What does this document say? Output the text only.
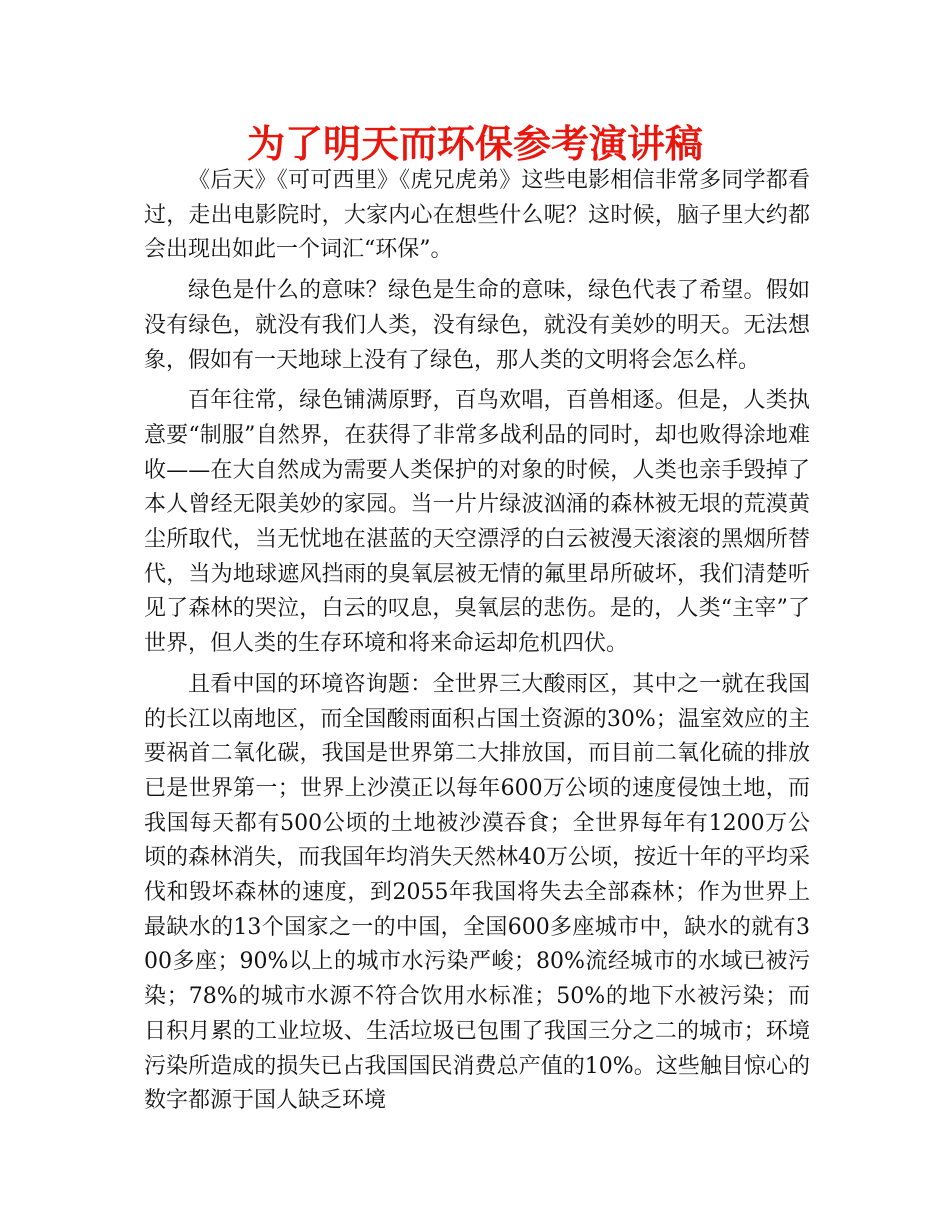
为了明天而环保参考演讲稿

《后天》《可可西里》《虎兄虎弟》这些电影相信非常多同学都看过，走出电影院时，大家内心在想些什么呢？这时候，脑子里大约都会出现出如此一个词汇“环保”。

绿色是什么的意味？绿色是生命的意味，绿色代表了希望。假如没有绿色，就没有我们人类，没有绿色，就没有美妙的明天。无法想象，假如有一天地球上没有了绿色，那人类的文明将会怎么样。

百年往常，绿色铺满原野，百鸟欢唱，百兽相逐。但是，人类执意要“制服”自然界，在获得了非常多战利品的同时，却也败得涂地难收——在大自然成为需要人类保护的对象的时候，人类也亲手毁掉了本人曾经无限美妙的家园。当一片片绿波汹涌的森林被无垠的荒漠黄尘所取代，当无忧地在湛蓝的天空漂浮的白云被漫天滚滚的黑烟所替代，当为地球遮风挡雨的臭氧层被无情的氟里昂所破坏，我们清楚听见了森林的哭泣，白云的叹息，臭氧层的悲伤。是的，人类“主宰”了世界，但人类的生存环境和将来命运却危机四伏。

且看中国的环境咨询题：全世界三大酸雨区，其中之一就在我国的长江以南地区，而全国酸雨面积占国土资源的30%；温室效应的主要祸首二氧化碳，我国是世界第二大排放国，而目前二氧化硫的排放已是世界第一；世界上沙漠正以每年600万公顷的速度侵蚀土地，而我国每天都有500公顷的土地被沙漠吞食；全世界每年有1200万公顷的森林消失，而我国年均消失天然林40万公顷，按近十年的平均采伐和毁坏森林的速度，到2055年我国将失去全部森林；作为世界上最缺水的13个国家之一的中国，全国600多座城市中，缺水的就有300多座；90%以上的城市水污染严峻；80%流经城市的水域已被污染；78%的城市水源不符合饮用水标准；50%的地下水被污染；而日积月累的工业垃圾、生活垃圾已包围了我国三分之二的城市；环境污染所造成的损失已占我国国民消费总产值的10%。这些触目惊心的数字都源于国人缺乏环境
